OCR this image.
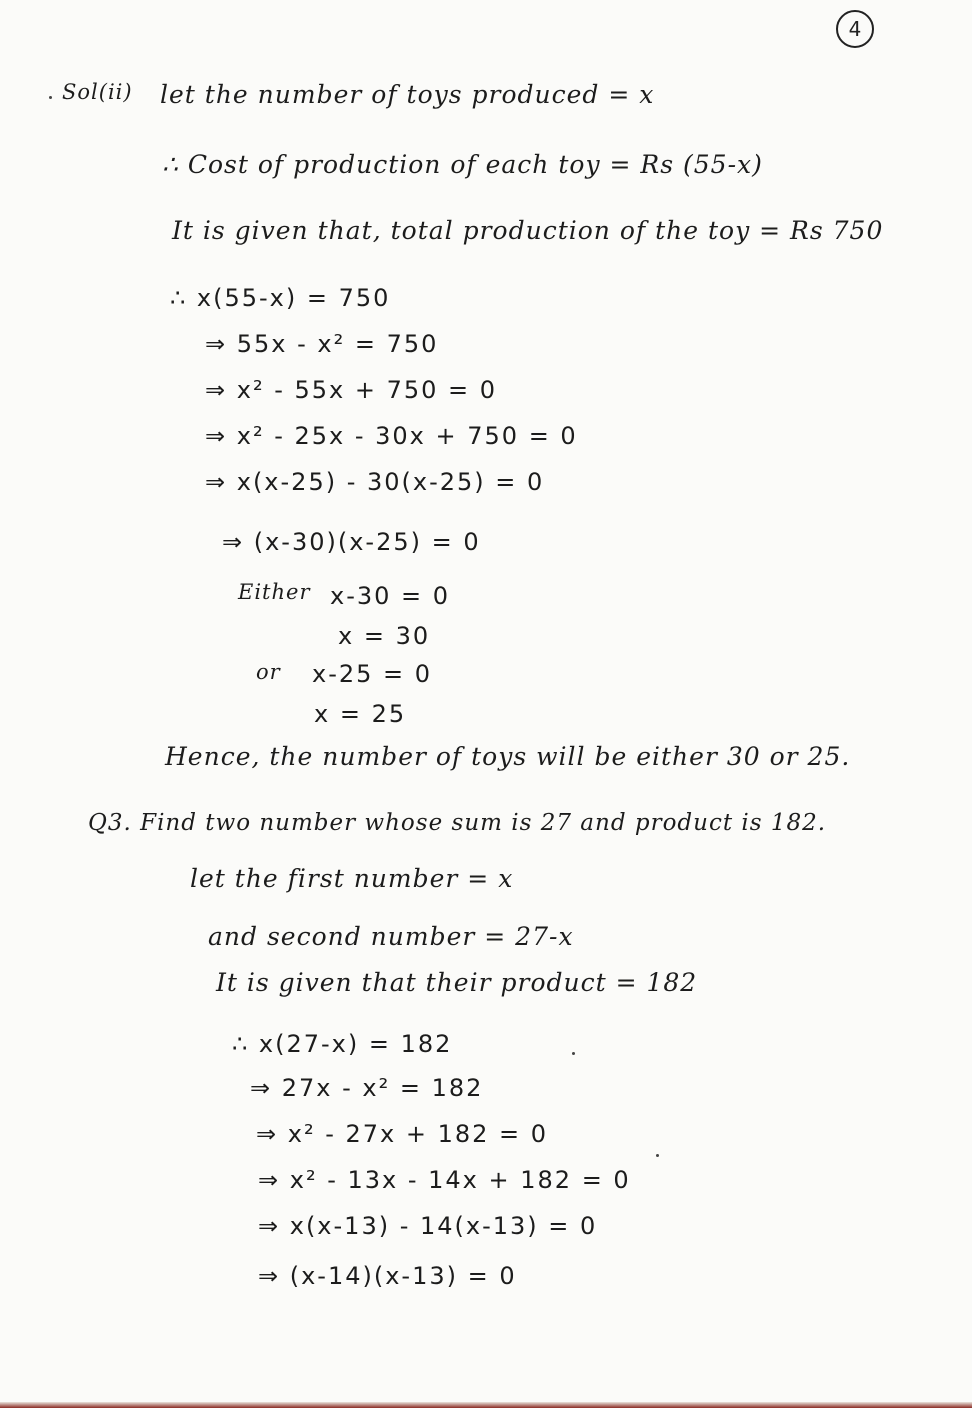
4
Sol(ii) let the number of toys produced = x
∴ Cost of production of each toy = Rs (55-x)
It is given that, total production of the toy = Rs 750
∴ x(55-x) = 750
⇒ 55x - x² = 750
⇒ x² - 55x + 750 = 0
⇒ x² - 25x - 30x + 750 = 0
⇒ x(x-25) - 30(x-25) = 0
⇒ (x-30)(x-25) = 0
Either x-30 = 0
x = 30
or x-25 = 0
x = 25
Hence, the number of toys will be either 30 or 25.
Q3. Find two number whose sum is 27 and product is 182.
let the first number = x
and second number = 27-x
It is given that their product = 182
∴ x(27-x) = 182
⇒ 27x - x² = 182
⇒ x² - 27x + 182 = 0
⇒ x² - 13x - 14x + 182 = 0
⇒ x(x-13) - 14(x-13) = 0
⇒ (x-14)(x-13) = 0
